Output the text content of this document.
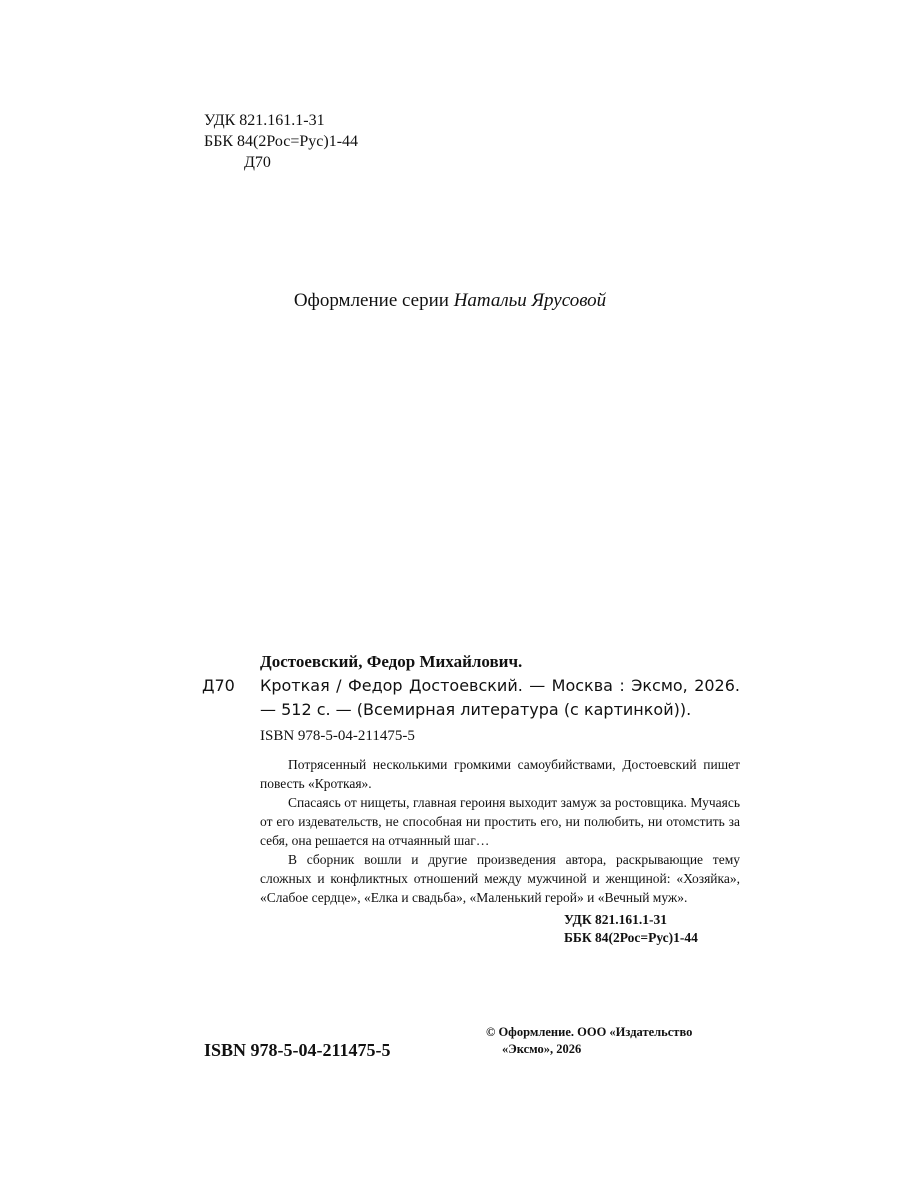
УДК 821.161.1-31
ББК 84(2Рос=Рус)1-44
Д70
Оформление серии Натальи Ярусовой
Достоевский, Федор Михайлович.
Д70 Кроткая / Федор Достоевский. — Москва : Эксмо, 2026. — 512 с. — (Всемирная литература (с картинкой)).
ISBN 978-5-04-211475-5

Потрясенный несколькими громкими самоубийствами, Достоевский пишет повесть «Кроткая».

Спасаясь от нищеты, главная героиня выходит замуж за ростовщика. Мучаясь от его издевательств, не способная ни простить его, ни полюбить, ни отомстить за себя, она решается на отчаянный шаг…

В сборник вошли и другие произведения автора, раскрывающие тему сложных и конфликтных отношений между мужчиной и женщиной: «Хозяйка», «Слабое сердце», «Елка и свадьба», «Маленький герой» и «Вечный муж».

УДК 821.161.1-31
ББК 84(2Рос=Рус)1-44
ISBN 978-5-04-211475-5
© Оформление. ООО «Издательство
«Эксмо», 2026
